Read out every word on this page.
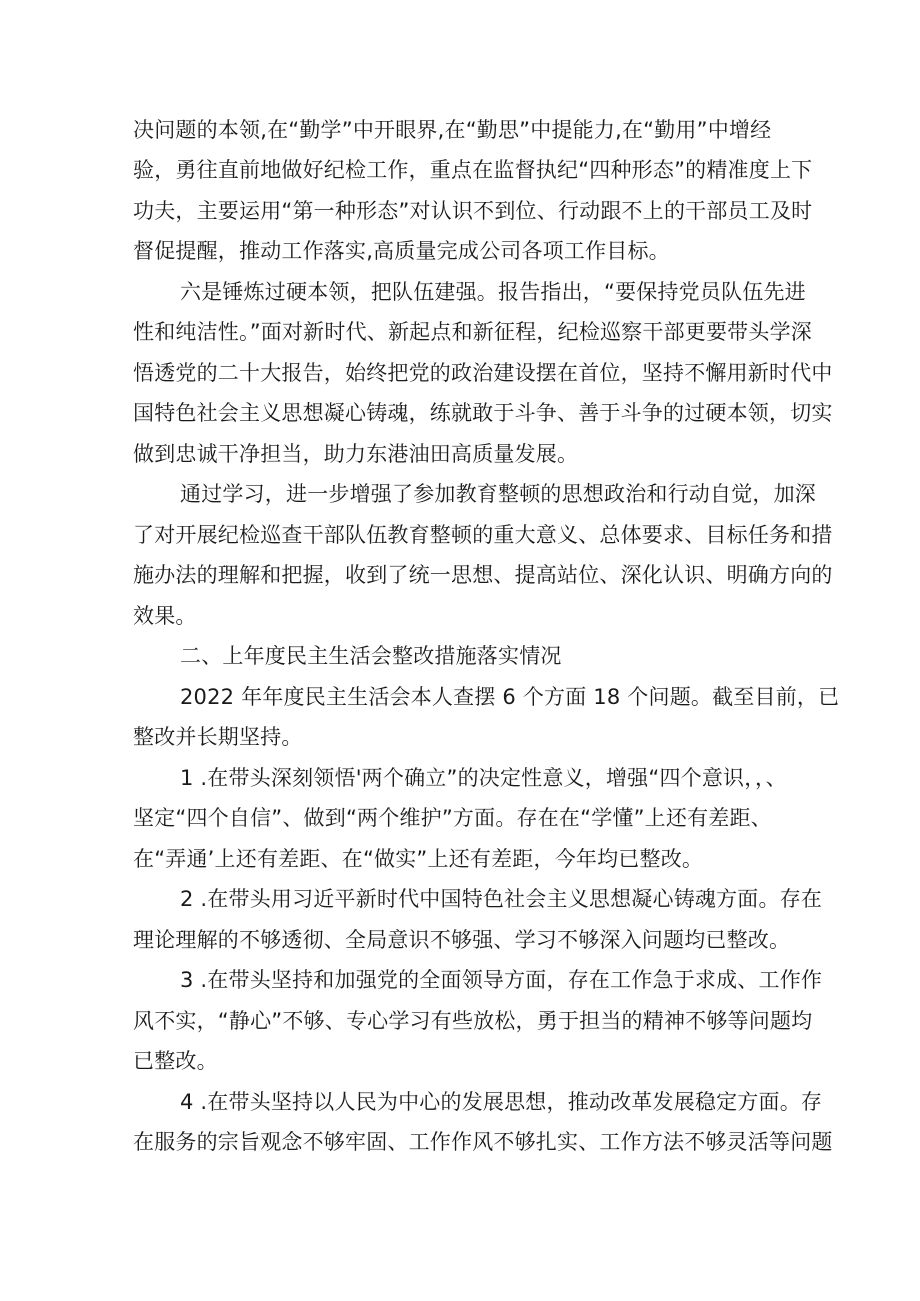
决问题的本领,在“勤学”中开眼界,在“勤思”中提能力,在“勤用”中增经
验，勇往直前地做好纪检工作，重点在监督执纪“四种形态”的精准度上下
功夫，主要运用“第一种形态”对认识不到位、行动跟不上的干部员工及时
督促提醒，推动工作落实,高质量完成公司各项工作目标。
六是锤炼过硬本领，把队伍建强。报告指出，“要保持党员队伍先进
性和纯洁性。”面对新时代、新起点和新征程，纪检巡察干部更要带头学深
悟透党的二十大报告，始终把党的政治建设摆在首位，坚持不懈用新时代中
国特色社会主义思想凝心铸魂，练就敢于斗争、善于斗争的过硬本领，切实
做到忠诚干净担当，助力东港油田高质量发展。
通过学习，进一步增强了参加教育整顿的思想政治和行动自觉，加深
了对开展纪检巡查干部队伍教育整顿的重大意义、总体要求、目标任务和措
施办法的理解和把握，收到了统一思想、提高站位、深化认识、明确方向的
效果。
二、上年度民主生活会整改措施落实情况
2022 年年度民主生活会本人查摆 6 个方面 18 个问题。截至目前，已
整改并长期坚持。
1 .在带头深刻领悟'两个确立”的决定性意义，增强“四个意识，，、
坚定“四个自信”、做到“两个维护”方面。存在在“学懂”上还有差距、
在“弄通’上还有差距、在“做实”上还有差距，今年均已整改。
2 .在带头用习近平新时代中国特色社会主义思想凝心铸魂方面。存在
理论理解的不够透彻、全局意识不够强、学习不够深入问题均已整改。
3 .在带头坚持和加强党的全面领导方面，存在工作急于求成、工作作
风不实，“静心”不够、专心学习有些放松，勇于担当的精神不够等问题均
已整改。
4 .在带头坚持以人民为中心的发展思想，推动改革发展稳定方面。存
在服务的宗旨观念不够牢固、工作作风不够扎实、工作方法不够灵活等问题
